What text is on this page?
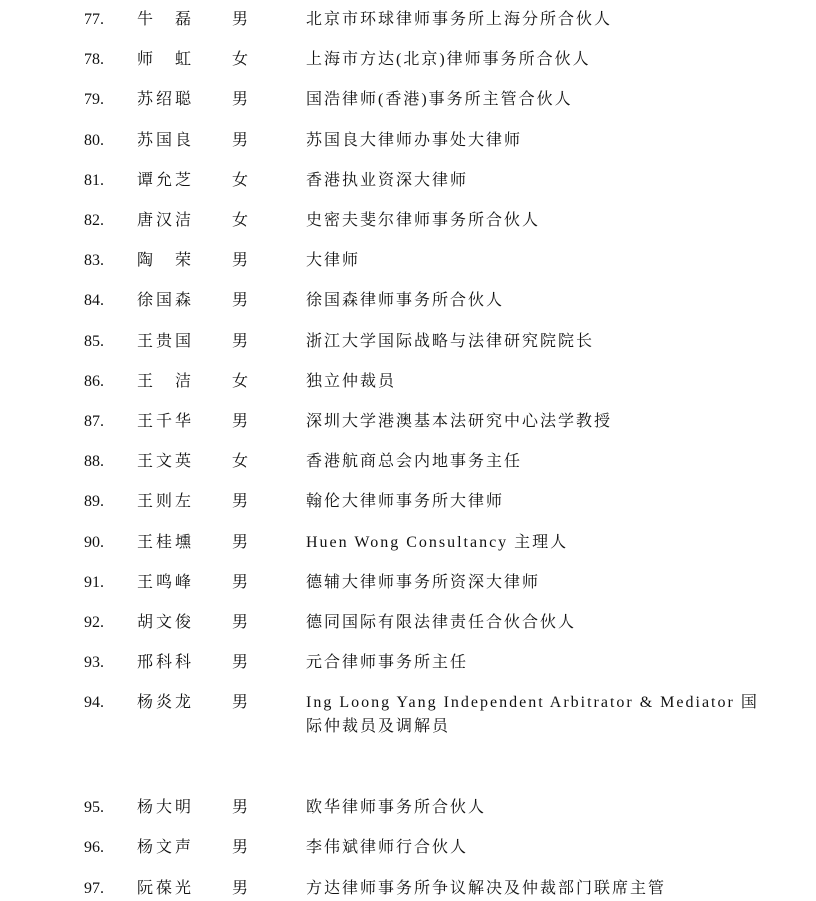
77. 牛　磊 男	北京市环球律师事务所上海分所合伙人
78. 师　虹 女	上海市方达(北京)律师事务所合伙人
79. 苏绍聪 男	国浩律师(香港)事务所主管合伙人
80. 苏国良 男	苏国良大律师办事处大律师
81. 谭允芝 女	香港执业资深大律师
82. 唐汉洁 女	史密夫斐尔律师事务所合伙人
83. 陶　荣 男	大律师
84. 徐国森 男	徐国森律师事务所合伙人
85. 王贵国 男	浙江大学国际战略与法律研究院院长
86. 王　洁 女	独立仲裁员
87. 王千华 男	深圳大学港澳基本法研究中心法学教授
88. 王文英 女	香港航商总会内地事务主任
89. 王则左 男	翰伦大律师事务所大律师
90. 王桂壎 男	Huen Wong Consultancy 主理人
91. 王鸣峰 男	德辅大律师事务所资深大律师
92. 胡文俊 男	德同国际有限法律责任合伙合伙人
93. 邢科科 男	元合律师事务所主任
94. 杨炎龙 男	Ing Loong Yang Independent Arbitrator & Mediator 国际仲裁员及调解员
95. 杨大明 男	欧华律师事务所合伙人
96. 杨文声 男	李伟斌律师行合伙人
97. 阮葆光 男	方达律师事务所争议解决及仲裁部门联席主管
